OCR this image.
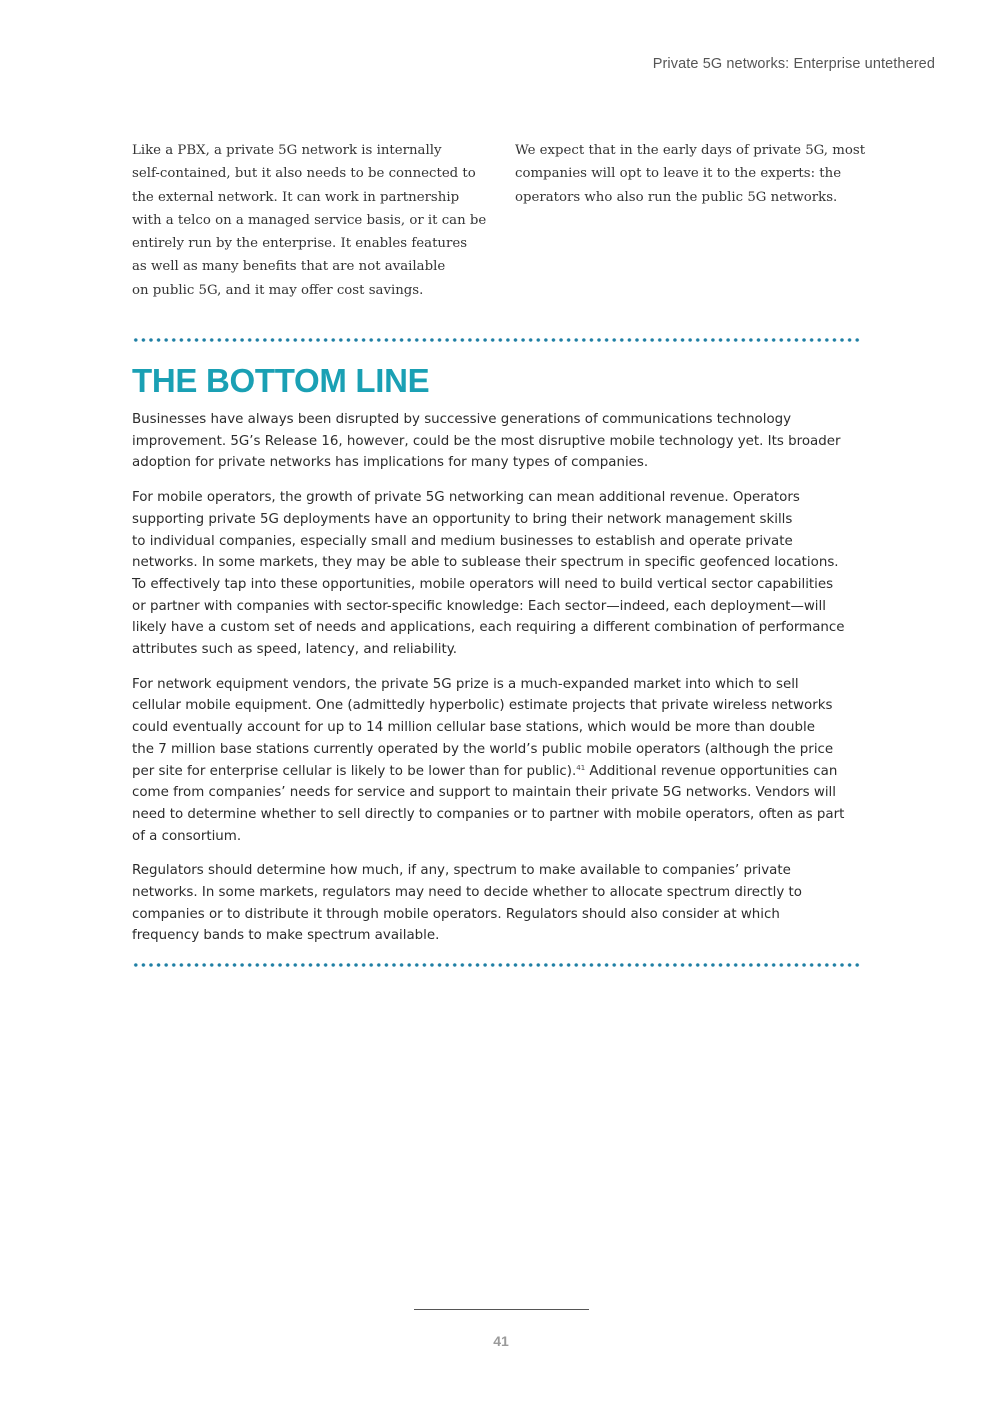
Private 5G networks: Enterprise untethered
Like a PBX, a private 5G network is internally
self-contained, but it also needs to be connected to
the external network. It can work in partnership
with a telco on a managed service basis, or it can be
entirely run by the enterprise. It enables features
as well as many benefits that are not available
on public 5G, and it may offer cost savings.
We expect that in the early days of private 5G, most
companies will opt to leave it to the experts: the
operators who also run the public 5G networks.
THE BOTTOM LINE

Businesses have always been disrupted by successive generations of communications technology
improvement. 5G’s Release 16, however, could be the most disruptive mobile technology yet. Its broader
adoption for private networks has implications for many types of companies.

For mobile operators, the growth of private 5G networking can mean additional revenue. Operators
supporting private 5G deployments have an opportunity to bring their network management skills
to individual companies, especially small and medium businesses to establish and operate private
networks. In some markets, they may be able to sublease their spectrum in specific geofenced locations.
To effectively tap into these opportunities, mobile operators will need to build vertical sector capabilities
or partner with companies with sector-specific knowledge: Each sector—indeed, each deployment—will
likely have a custom set of needs and applications, each requiring a different combination of performance
attributes such as speed, latency, and reliability.

For network equipment vendors, the private 5G prize is a much-expanded market into which to sell
cellular mobile equipment. One (admittedly hyperbolic) estimate projects that private wireless networks
could eventually account for up to 14 million cellular base stations, which would be more than double
the 7 million base stations currently operated by the world’s public mobile operators (although the price
per site for enterprise cellular is likely to be lower than for public).$^{41}$ Additional revenue opportunities can
come from companies’ needs for service and support to maintain their private 5G networks. Vendors will
need to determine whether to sell directly to companies or to partner with mobile operators, often as part
of a consortium.

Regulators should determine how much, if any, spectrum to make available to companies’ private
networks. In some markets, regulators may need to decide whether to allocate spectrum directly to
companies or to distribute it through mobile operators. Regulators should also consider at which
frequency bands to make spectrum available.

41
